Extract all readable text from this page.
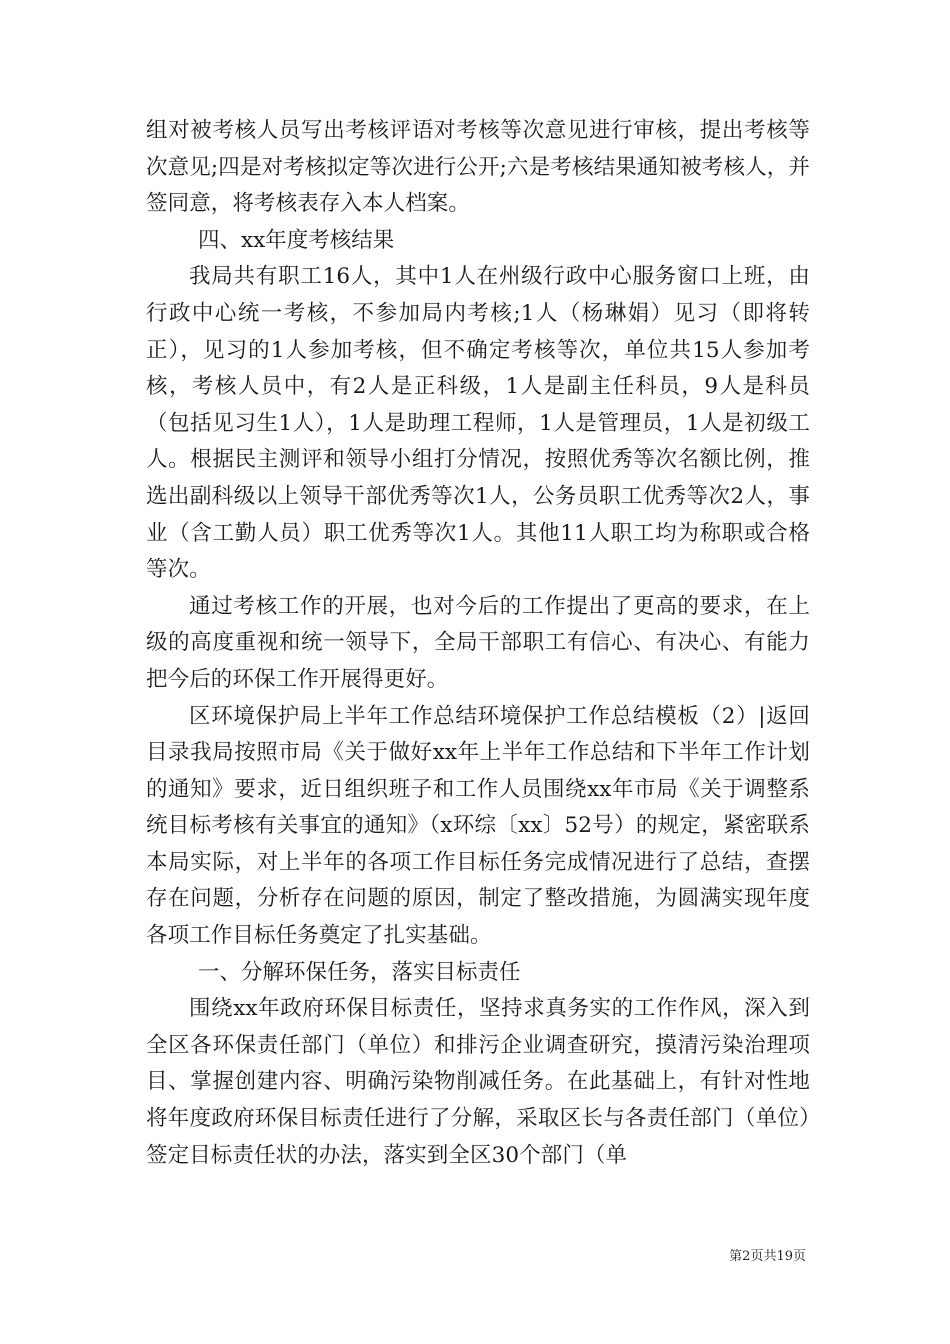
组对被考核人员写出考核评语对考核等次意见进行审核，提出考核等次意见;四是对考核拟定等次进行公开;六是考核结果通知被考核人，并签同意，将考核表存入本人档案。

四、xx年度考核结果

我局共有职工16人，其中1人在州级行政中心服务窗口上班，由行政中心统一考核，不参加局内考核;1人（杨琳娟）见习（即将转正），见习的1人参加考核，但不确定考核等次，单位共15人参加考核，考核人员中，有2人是正科级，1人是副主任科员，9人是科员（包括见习生1人），1人是助理工程师，1人是管理员，1人是初级工人。根据民主测评和领导小组打分情况，按照优秀等次名额比例，推选出副科级以上领导干部优秀等次1人，公务员职工优秀等次2人，事业（含工勤人员）职工优秀等次1人。其他11人职工均为称职或合格等次。

通过考核工作的开展，也对今后的工作提出了更高的要求，在上级的高度重视和统一领导下，全局干部职工有信心、有决心、有能力把今后的环保工作开展得更好。

区环境保护局上半年工作总结环境保护工作总结模板（2）|返回目录我局按照市局《关于做好xx年上半年工作总结和下半年工作计划的通知》要求，近日组织班子和工作人员围绕xx年市局《关于调整系统目标考核有关事宜的通知》（x环综〔xx〕52号）的规定，紧密联系本局实际，对上半年的各项工作目标任务完成情况进行了总结，查摆存在问题，分析存在问题的原因，制定了整改措施，为圆满实现年度各项工作目标任务奠定了扎实基础。

一、分解环保任务，落实目标责任

围绕xx年政府环保目标责任，坚持求真务实的工作作风，深入到全区各环保责任部门（单位）和排污企业调查研究，摸清污染治理项目、掌握创建内容、明确污染物削减任务。在此基础上，有针对性地将年度政府环保目标责任进行了分解，采取区长与各责任部门（单位）签定目标责任状的办法，落实到全区30个部门（单

第2页共19页
